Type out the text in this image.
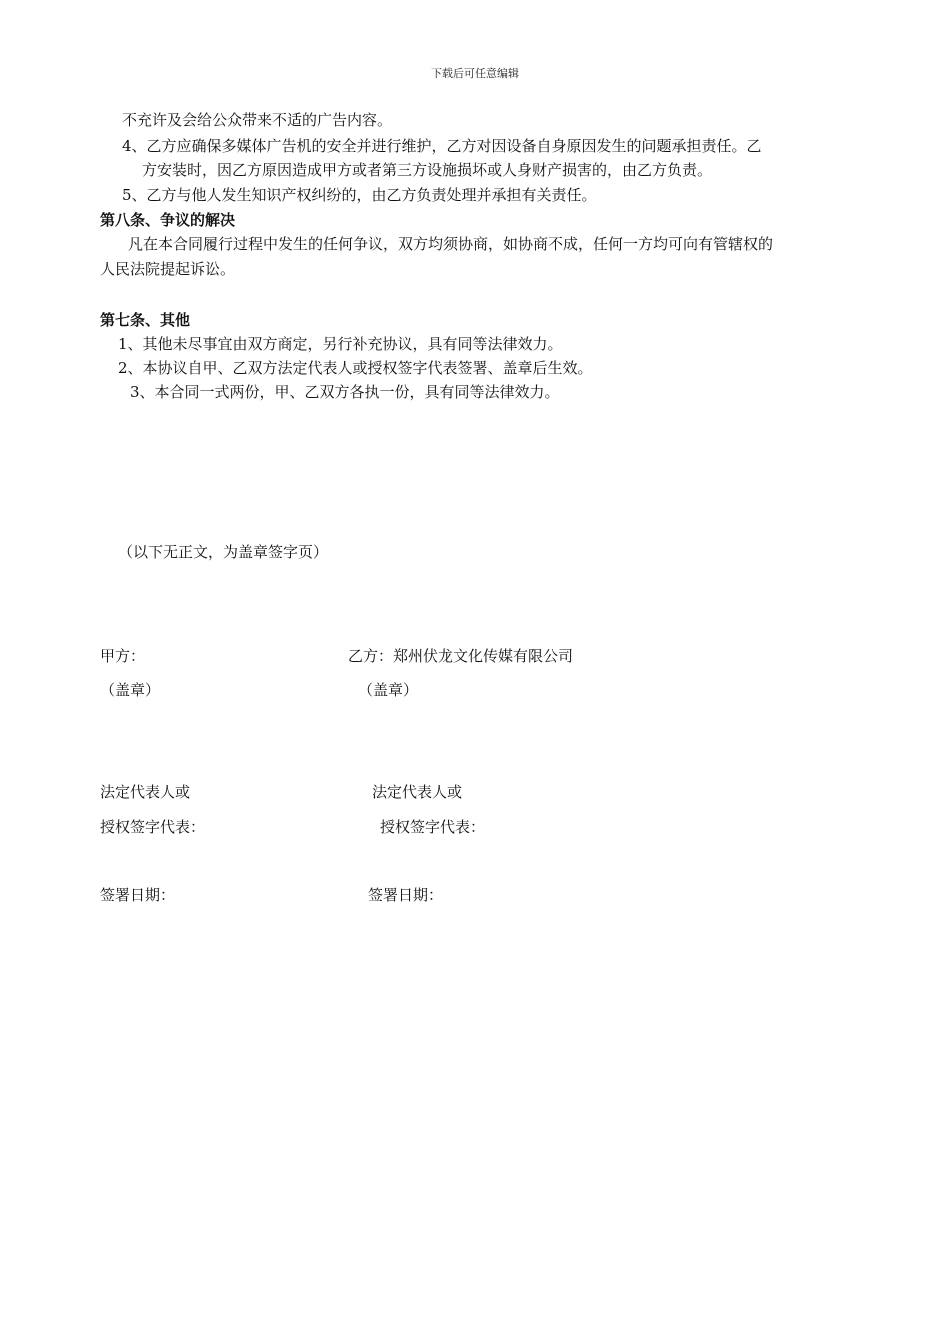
下载后可任意编辑
不充许及会给公众带来不适的广告内容。
4、乙方应确保多媒体广告机的安全并进行维护，乙方对因设备自身原因发生的问题承担责任。乙
方安装时，因乙方原因造成甲方或者第三方设施损坏或人身财产损害的，由乙方负责。
5、乙方与他人发生知识产权纠纷的，由乙方负责处理并承担有关责任。
第八条、争议的解决
凡在本合同履行过程中发生的任何争议，双方均须协商，如协商不成，任何一方均可向有管辖权的
人民法院提起诉讼。
第七条、其他
1、其他未尽事宜由双方商定，另行补充协议，具有同等法律效力。
2、本协议自甲、乙双方法定代表人或授权签字代表签署、盖章后生效。
3、本合同一式两份，甲、乙双方各执一份，具有同等法律效力。
（以下无正文，为盖章签字页）
甲方：	乙方：郑州伏龙文化传媒有限公司
（盖章）	（盖章）
法定代表人或	法定代表人或
授权签字代表：	授权签字代表：
签署日期：	签署日期：
